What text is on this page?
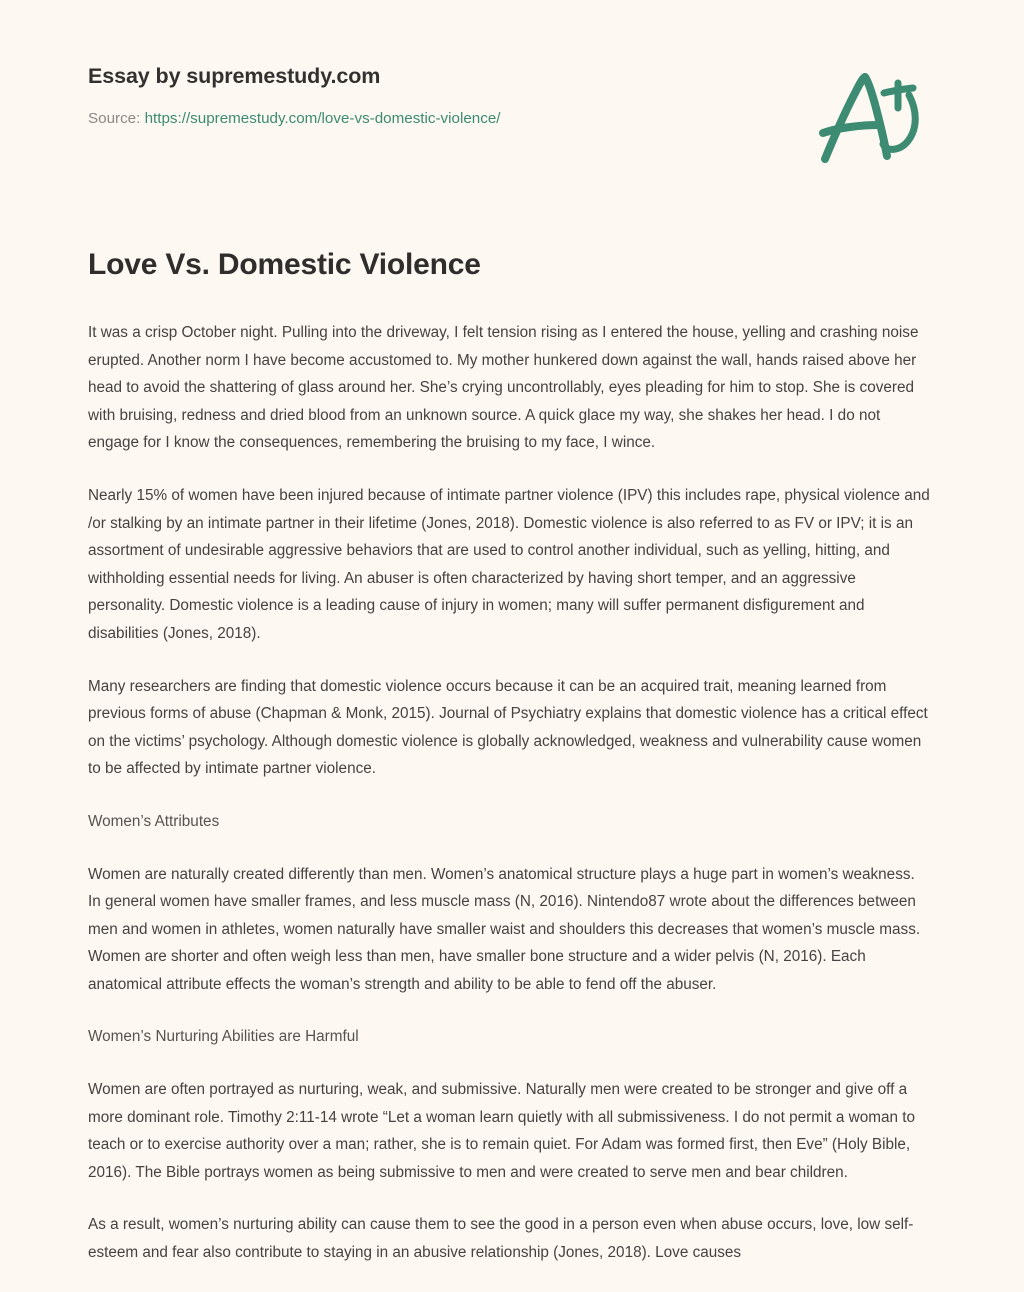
Essay by supremestudy.com
Source: https://supremestudy.com/love-vs-domestic-violence/
Love Vs. Domestic Violence

It was a crisp October night. Pulling into the driveway, I felt tension rising as I entered the house, yelling and crashing noise erupted. Another norm I have become accustomed to. My mother hunkered down against the wall, hands raised above her head to avoid the shattering of glass around her. She’s crying uncontrollably, eyes pleading for him to stop. She is covered with bruising, redness and dried blood from an unknown source. A quick glace my way, she shakes her head. I do not engage for I know the consequences, remembering the bruising to my face, I wince.

Nearly 15% of women have been injured because of intimate partner violence (IPV) this includes rape, physical violence and /or stalking by an intimate partner in their lifetime (Jones, 2018). Domestic violence is also referred to as FV or IPV; it is an assortment of undesirable aggressive behaviors that are used to control another individual, such as yelling, hitting, and withholding essential needs for living. An abuser is often characterized by having short temper, and an aggressive personality. Domestic violence is a leading cause of injury in women; many will suffer permanent disfigurement and disabilities (Jones, 2018).

Many researchers are finding that domestic violence occurs because it can be an acquired trait, meaning learned from previous forms of abuse (Chapman & Monk, 2015). Journal of Psychiatry explains that domestic violence has a critical effect on the victims’ psychology. Although domestic violence is globally acknowledged, weakness and vulnerability cause women to be affected by intimate partner violence.

Women’s Attributes

Women are naturally created differently than men. Women’s anatomical structure plays a huge part in women’s weakness. In general women have smaller frames, and less muscle mass (N, 2016). Nintendo87 wrote about the differences between men and women in athletes, women naturally have smaller waist and shoulders this decreases that women’s muscle mass. Women are shorter and often weigh less than men, have smaller bone structure and a wider pelvis (N, 2016). Each anatomical attribute effects the woman’s strength and ability to be able to fend off the abuser.

Women’s Nurturing Abilities are Harmful

Women are often portrayed as nurturing, weak, and submissive. Naturally men were created to be stronger and give off a more dominant role. Timothy 2:11-14 wrote “Let a woman learn quietly with all submissiveness. I do not permit a woman to teach or to exercise authority over a man; rather, she is to remain quiet. For Adam was formed first, then Eve” (Holy Bible, 2016). The Bible portrays women as being submissive to men and were created to serve men and bear children.

As a result, women’s nurturing ability can cause them to see the good in a person even when abuse occurs, love, low self-esteem and fear also contribute to staying in an abusive relationship (Jones, 2018). Love causes
